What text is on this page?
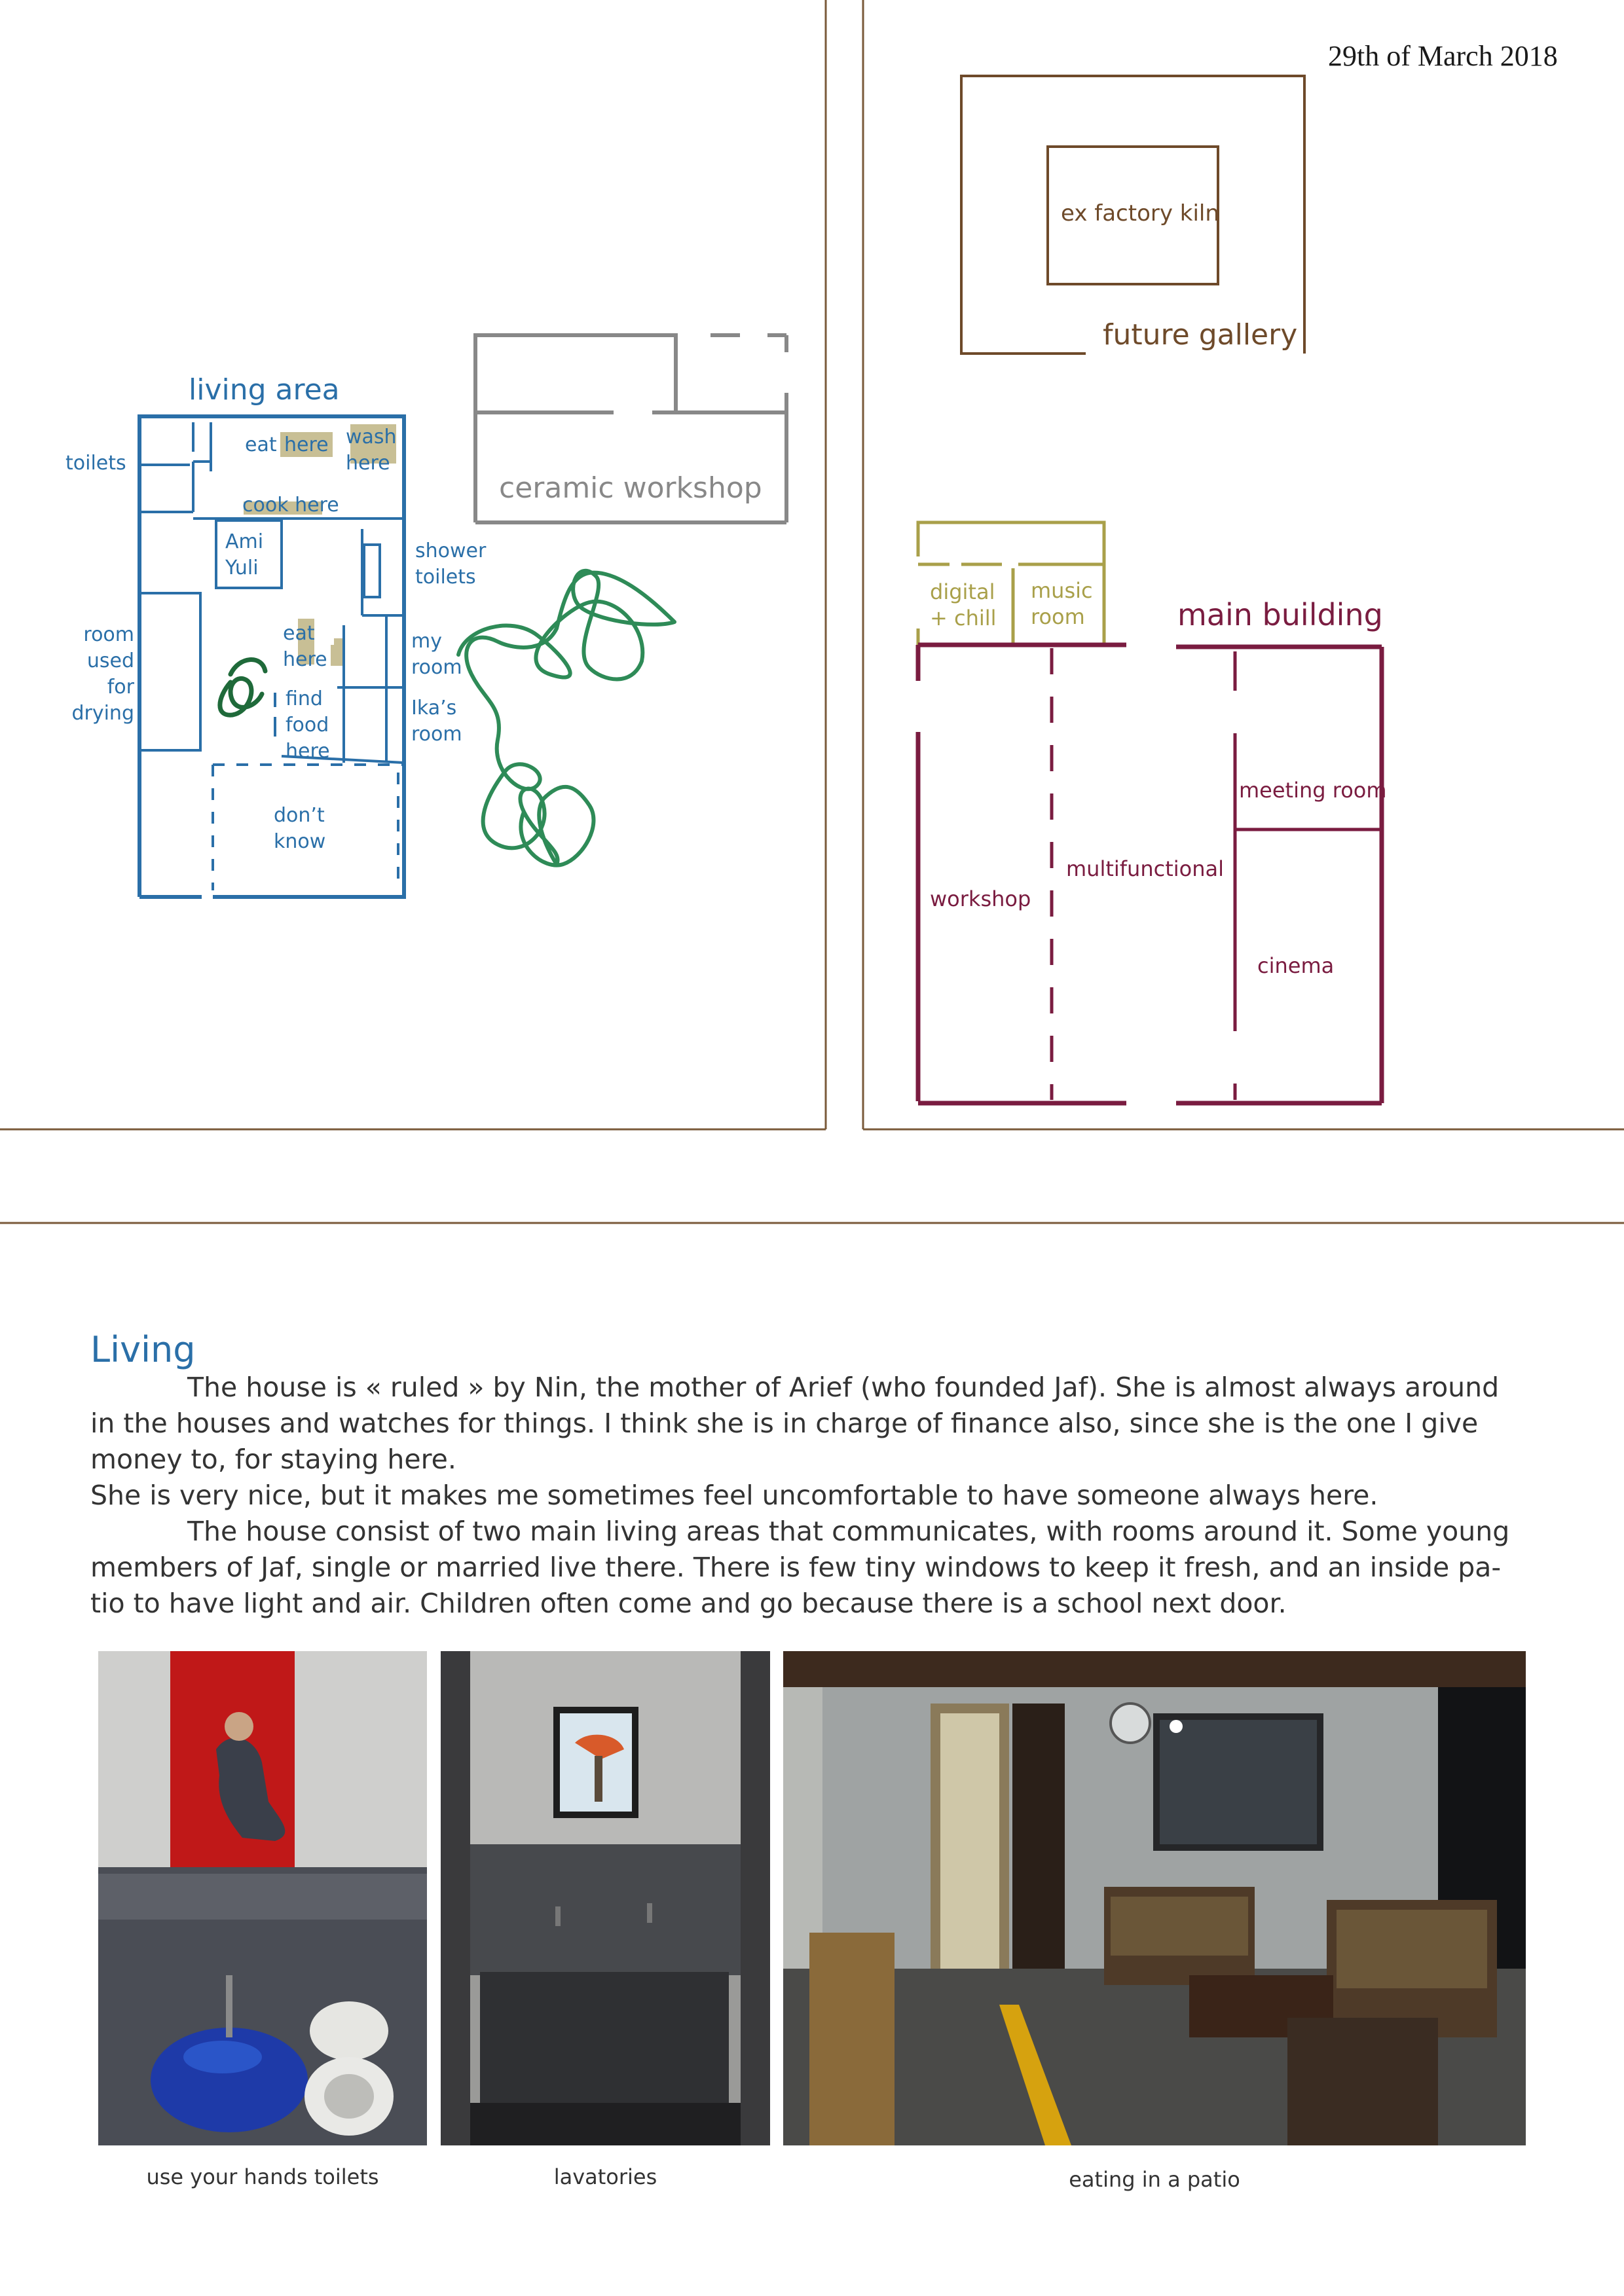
29th of March 2018
living area
ceramic workshop
toilets
eat here wash
here
cook here
Ami
Yuli
shower
toilets
room
used
for
drying
eat
here
find
food
here
my
room
Ika’s
room
don’t
know
ex factory kiln
future gallery
main building
digital
+ chill
music
room
meeting room
multifunctional
workshop
cinema
Living

The house is « ruled » by Nin, the mother of Arief (who founded Jaf). She is almost always around in the houses and watches for things. I think she is in charge of finance also, since she is the one I give money to, for staying here.

She is very nice, but it makes me sometimes feel uncomfortable to have someone always here.

The house consist of two main living areas that communicates, with rooms around it. Some young members of Jaf, single or married live there. There is few tiny windows to keep it fresh, and an inside pa-tio to have light and air. Children often come and go because there is a school next door.

use your hands toilets	lavatories	eating in a patio
